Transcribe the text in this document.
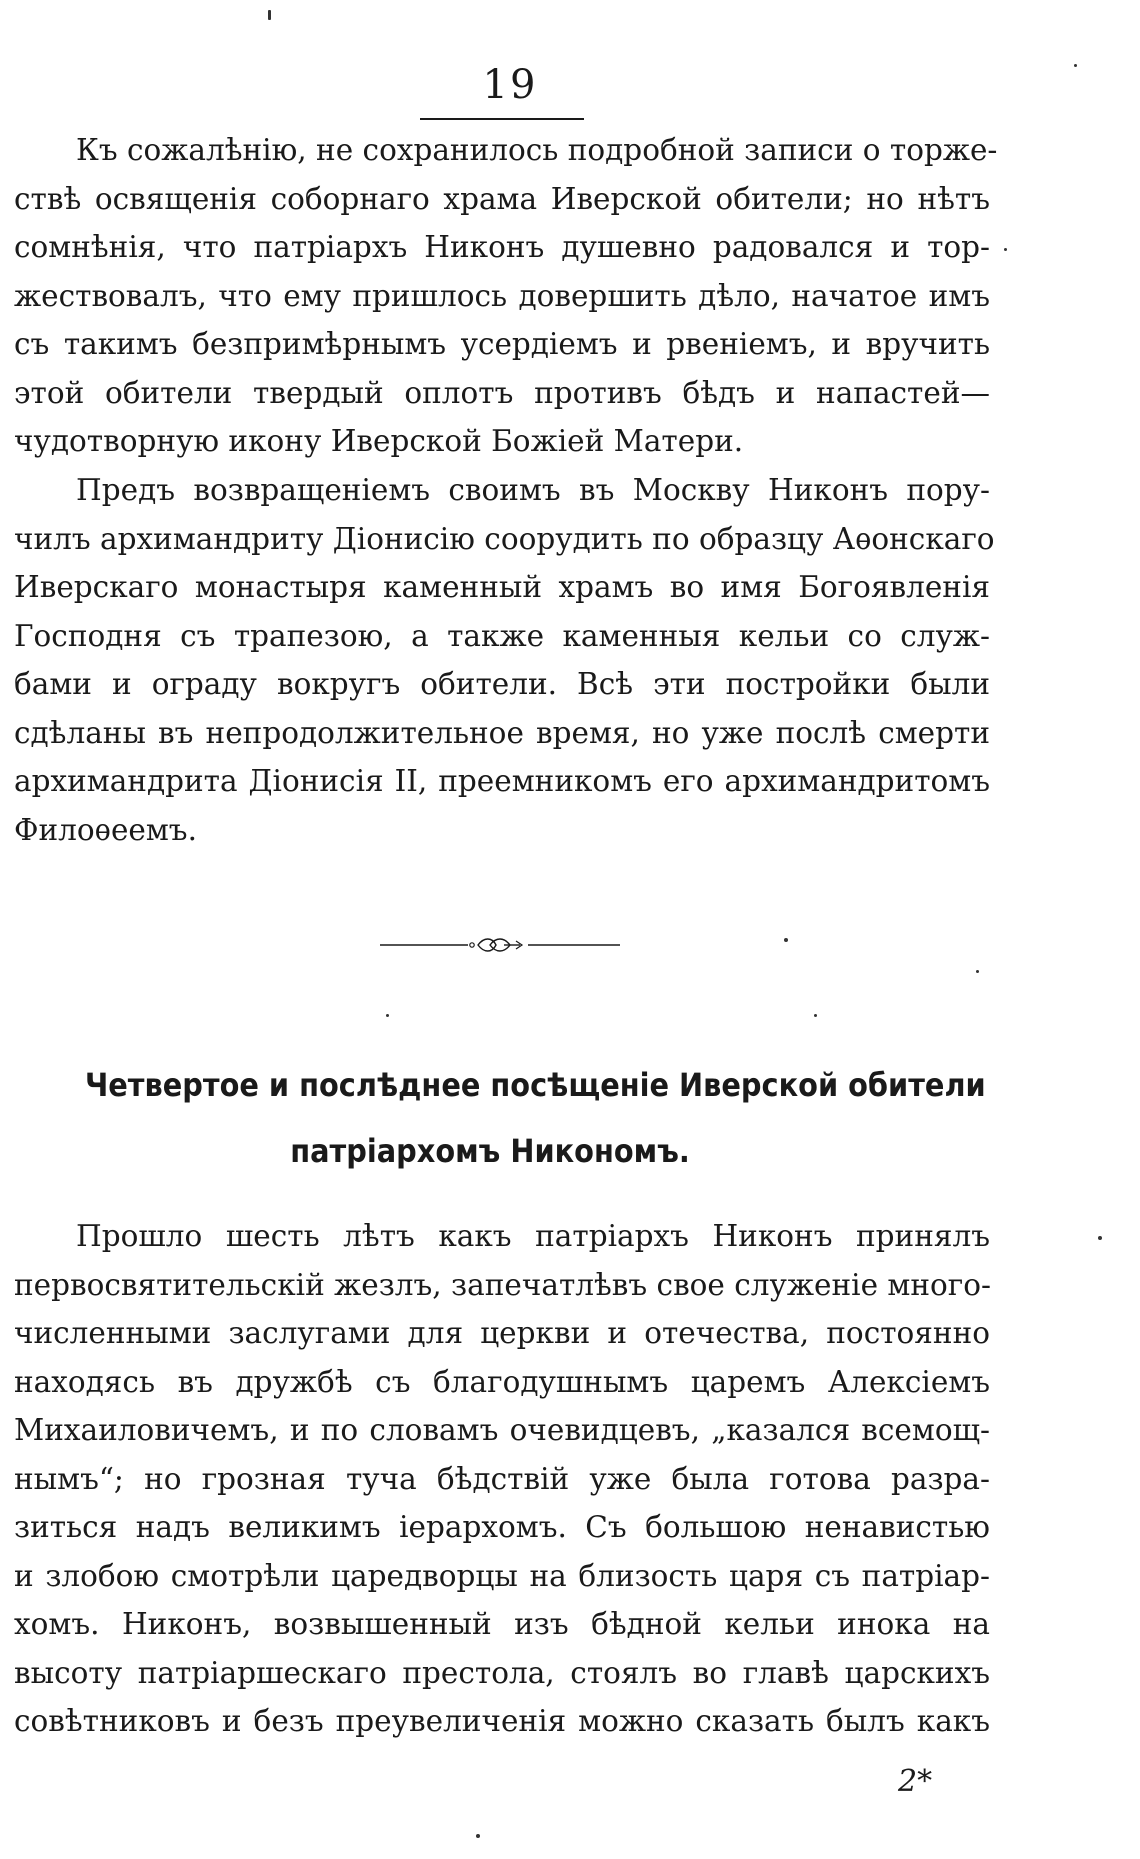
19
Къ сожалѣнію, не сохранилось подробной записи о торже-
ствѣ освященія соборнаго храма Иверской обители; но нѣтъ
сомнѣнія, что патріархъ Никонъ душевно радовался и тор-
жествовалъ, что ему пришлось довершить дѣло, начатое имъ
съ такимъ безпримѣрнымъ усердіемъ и рвеніемъ, и вручить
этой обители твердый оплотъ противъ бѣдъ и напастей—
чудотворную икону Иверской Божіей Матери.
Предъ возвращеніемъ своимъ въ Москву Никонъ пору-
чилъ архимандриту Діонисію соорудить по образцу Аѳонскаго
Иверскаго монастыря каменный храмъ во имя Богоявленія
Господня съ трапезою, а также каменныя кельи со служ-
бами и ограду вокругъ обители. Всѣ эти постройки были
сдѣланы въ непродолжительное время, но уже послѣ смерти
архимандрита Діонисія II, преемникомъ его архимандритомъ
Филоѳеемъ.
Четвертое и послѣднее посѣщеніе Иверской обители
патріархомъ Никономъ.
Прошло шесть лѣтъ какъ патріархъ Никонъ принялъ
первосвятительскій жезлъ, запечатлѣвъ свое служеніе много-
численными заслугами для церкви и отечества, постоянно
находясь въ дружбѣ съ благодушнымъ царемъ Алексіемъ
Михаиловичемъ, и по словамъ очевидцевъ, „казался всемощ-
нымъ“; но грозная туча бѣдствій уже была готова разра-
зиться надъ великимъ іерархомъ. Съ большою ненавистью
и злобою смотрѣли царедворцы на близость царя съ патріар-
хомъ. Никонъ, возвышенный изъ бѣдной кельи инока на
высоту патріаршескаго престола, стоялъ во главѣ царскихъ
совѣтниковъ и безъ преувеличенія можно сказать былъ какъ
2*
